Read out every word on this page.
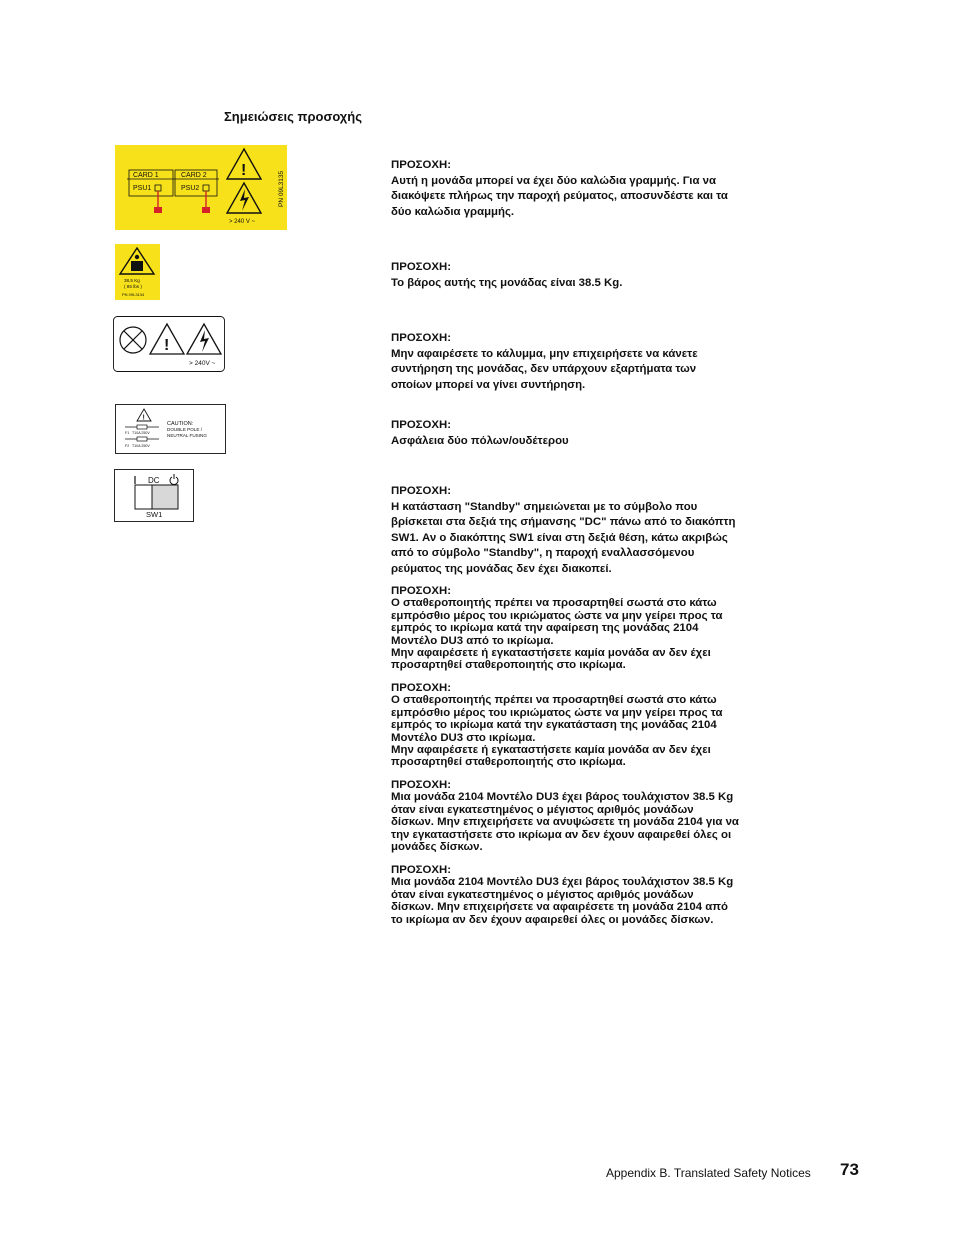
Σημειώσεις προσοχής
CARD 1	CARD 2
PSU1	PSU2
!
> 240 V ~
PN 09L3135
38,5 Kg
( 85 lbs )
PN 09L3134
!
> 240V ~
!
CAUTION:
DOUBLE POLE /
NEUTRAL FUSING
F1 T10A 250V
F2 T10A 250V
DC
SW1
ΠΡΟΣΟΧΗ:
Αυτή η μονάδα μπορεί να έχει δύο καλώδια γραμμής. Για να
διακόψετε πλήρως την παροχή ρεύματος, αποσυνδέστε και τα
δύο καλώδια γραμμής.
ΠΡΟΣΟΧΗ:
Το βάρος αυτής της μονάδας είναι 38.5 Kg.
ΠΡΟΣΟΧΗ:
Μην αφαιρέσετε το κάλυμμα, μην επιχειρήσετε να κάνετε
συντήρηση της μονάδας, δεν υπάρχουν εξαρτήματα των
οποίων μπορεί να γίνει συντήρηση.
ΠΡΟΣΟΧΗ:
Ασφάλεια δύο πόλων/ουδέτερου
ΠΡΟΣΟΧΗ:
Η κατάσταση "Standby" σημειώνεται με το σύμβολο που
βρίσκεται στα δεξιά της σήμανσης "DC" πάνω από το διακόπτη
SW1. Αν ο διακόπτης SW1 είναι στη δεξιά θέση, κάτω ακριβώς
από το σύμβολο "Standby", η παροχή εναλλασσόμενου
ρεύματος της μονάδας δεν έχει διακοπεί.
ΠΡΟΣΟΧΗ:
Ο σταθεροποιητής πρέπει να προσαρτηθεί σωστά στο κάτω
εμπρόσθιο μέρος του ικριώματος ώστε να μην γείρει προς τα
εμπρός το ικρίωμα κατά την αφαίρεση της μονάδας 2104
Μοντέλο DU3 από το ικρίωμα.
Μην αφαιρέσετε ή εγκαταστήσετε καμία μονάδα αν δεν έχει
προσαρτηθεί σταθεροποιητής στο ικρίωμα.
ΠΡΟΣΟΧΗ:
Ο σταθεροποιητής πρέπει να προσαρτηθεί σωστά στο κάτω
εμπρόσθιο μέρος του ικριώματος ώστε να μην γείρει προς τα
εμπρός το ικρίωμα κατά την εγκατάσταση της μονάδας 2104
Μοντέλο DU3 στο ικρίωμα.
Μην αφαιρέσετε ή εγκαταστήσετε καμία μονάδα αν δεν έχει
προσαρτηθεί σταθεροποιητής στο ικρίωμα.
ΠΡΟΣΟΧΗ:
Μια μονάδα 2104 Μοντέλο DU3 έχει βάρος τουλάχιστον 38.5 Kg
όταν είναι εγκατεστημένος ο μέγιστος αριθμός μονάδων
δίσκων. Μην επιχειρήσετε να ανυψώσετε τη μονάδα 2104 για να
την εγκαταστήσετε στο ικρίωμα αν δεν έχουν αφαιρεθεί όλες οι
μονάδες δίσκων.
ΠΡΟΣΟΧΗ:
Μια μονάδα 2104 Μοντέλο DU3 έχει βάρος τουλάχιστον 38.5 Kg
όταν είναι εγκατεστημένος ο μέγιστος αριθμός μονάδων
δίσκων. Μην επιχειρήσετε να αφαιρέσετε τη μονάδα 2104 από
το ικρίωμα αν δεν έχουν αφαιρεθεί όλες οι μονάδες δίσκων.
Appendix B. Translated Safety Notices 73
